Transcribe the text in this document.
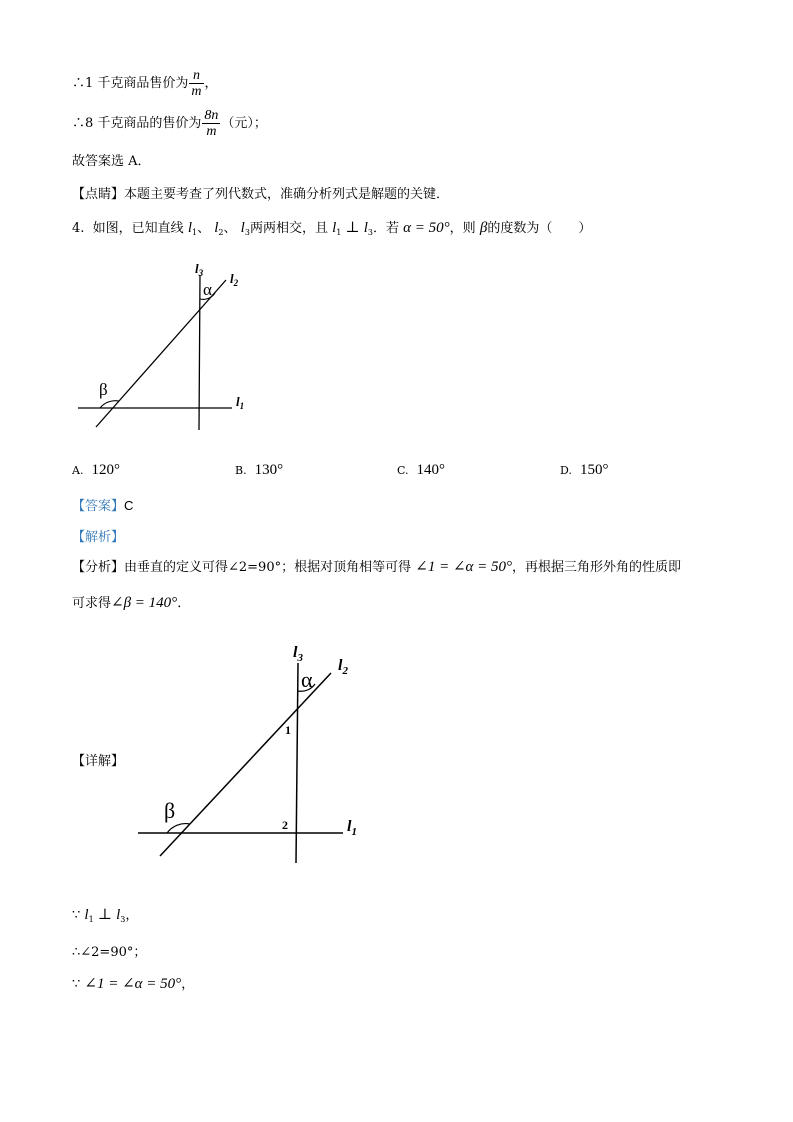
∴1 千克商品售价为 $\frac{n}{m}$ ，
∴8 千克商品的售价为 $\frac{8n}{m}$ （元）；
故答案选 A．
【点睛】本题主要考查了列代数式，准确分析列式是解题的关键．
4. 如图，已知直线 $l_1$、 $l_2$、 $l_3$两两相交，且 $l_1$ ⊥ $l_3$．若 α = 50°，则 β的度数为（　　）
$l_3$ $l_2$
$l_1$
α
β
A. 120°	B. 130°	C. 140°	D. 150°
【答案】C
【解析】
【分析】由垂直的定义可得∠2=90°；根据对顶角相等可得 ∠1 = ∠α = 50°，再根据三角形外角的性质即
可求得∠β = 140°．
【详解】
$l_3$ $l_2$
$l_1$
α
β
1
2
∵ $l_1$ ⊥ $l_3$，
∴∠2=90°；
∵ ∠1 = ∠α = 50°，
